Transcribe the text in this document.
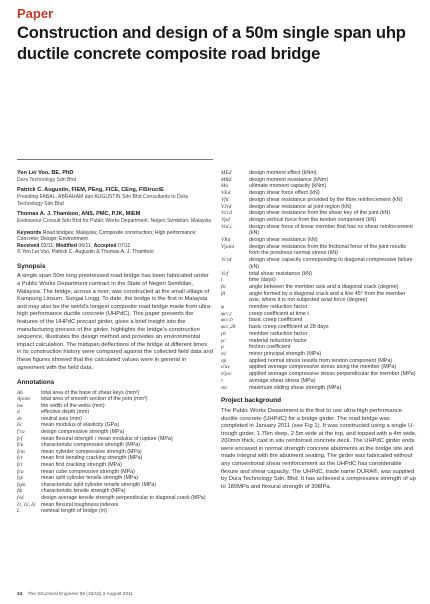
Paper
Construction and design of a 50m single span uhp ductile concrete composite road bridge
Yen Lei Voo, BE, PhD
Dura Technology Sdn Bhd
Patrick C. Augustin, FIEM, PEng, FICE, CEng, FIStructE
Presiding FABAL, ABRAHAM dan AUGUSTIN Sdn Bhd Consultants to Dura Technology Sdn Bhd
Thomas A. J. Thamboo, ANS, PMC, PJK, MIEM
Endeavour Consult Sdn Bhd for Public Works Department, Negeri Sembilan, Malaysia
Keywords Road bridges; Malaysia; Composite construction; High performance; Concrete; Design; Environment
Received 03/11; Modified 06/11; Accepted 07/11
© Yen Lei Voo, Patrick C. Augustin & Thomas A. J. Thamboo
Synopsis
A single span 50m long prestressed road bridge has been fabricated under a Public Works Department contract in the State of Negeri Sembilan, Malaysia. The bridge, across a river, was constructed at the small village of Kampung Linsum, Sungai Lingg. To date, the bridge is the first in Malaysia and may also be the world's longest composite road bridge made from ultra-high performance ductile concrete (UHPdC). This paper presents the features of the UHPdC precast girder, gives a brief insight into the manufacturing process of the girder, highlights the bridge's construction sequence, illustrates the design method and provides an environmental impact calculation. The midspan deflections of the bridge at different times in its construction history were compared against the collected field data and these figures showed that the calculated values were in general in agreement with the field data.
Annotations
Ab	total area of the base of shear keys (mm²)
Ajoint	total area of smooth section of the joint (mm²)
bw	the width of the webs (mm)
d	effective depth (mm)
dv	neutral axis (mm)
Ec	mean modulus of elasticity (GPa)
f'ca	design compressive strength (MPa)
fcf	mean flexural strength / mean modulus of rupture (MPa)
fck	characteristic compressive strength (MPa)
fcm	mean cylinder compressive strength (MPa)
fcr	mean first bending cracking strength (MPa)
fct	mean first cracking strength (MPa)
fcu	mean cube compressive strength (MPa)
fsp	mean split cylinder tensile strength (MPa)
fspk	characteristic split cylinder tensile strength (MPa)
ftk	characteristic tensile strength (MPa)
fvd	design average tensile strength perpendicular to diagonal crack (MPa)
I1, I2, I3 mean flexural toughness indexes
L	nominal length of bridge (m)
MEd	design moment effect (kNm)
MRd	design moment resistance (kNm)
Mu	ultimate moment capacity (kNm)
VEd	design shear force effect (kN)
Vfd	design shear resistance provided by the fibre reinforcement (kN)
VJrd	design shear resistance at joint region (kN)
Vccd	design shear resistance from the shear key of the joint (kN)
Vpd	design vertical force from the tendon component (kN)
Vrd,c	design shear force of linear member that has no shear reinforcement (kN)
VRd	design shear resistance (kN)
Vjoint	design shear resistance from the frictional force of the joint results from the prestress normal stress (kN)
Vcrd	design shear capacity corresponding to diagonal compressive failure (kN)
Vcf	total shear resistance (kN)
t	time (days)
βc	angle between the member axis and a diagonal crack (degree)
βl	angle formed by a diagonal crack and a line 45° from the member axis, where it is not subjected axial force (degree)
φ	member reduction factor
φcc,t	creep coefficient at time t
φcc,b	basic creep coefficient
φcc,28	basic creep coefficient at 28 days
γb	member reduction factor
γc	material reduction factor
μ	friction coefficient
σ1	minor principal strength (MPa)
σp	applied normal stress results from tendon component (MPa)
σ'av	applied average compressive stress along the member (MPa)
σ'jav	applied average compressive stress perpendicular the member (MPa)
τ	average shear stress (MPa)
τm	maximum sliding shear strength (MPa)
Project background
The Public Works Department is the first to use ultra-high performance ductile concrete (UHPdC) for a bridge girder. The road bridge was completed in January 2011 (see Fig 1). It was constructed using a single U-trough girder, 1.75m deep, 2.5m wide at the top, and topped with a 4m wide, 200mm thick, cast in situ reinforced concrete deck. The UHPdC girder ends were encased in normal strength concrete abutments at the bridge site and made integral with the abutment seating. The girder was fabricated without any conventional shear reinforcement as the UHPdC has considerable flexure and shear capacity. The UHPdC, trade name DURA®, was supplied by Dura Technology Sdn. Bhd. It has achieved a compressive strength of up to 180MPa and flexural strength of 30MPa.
24 The Structural Engineer 89 (15/16) 2 August 2011
